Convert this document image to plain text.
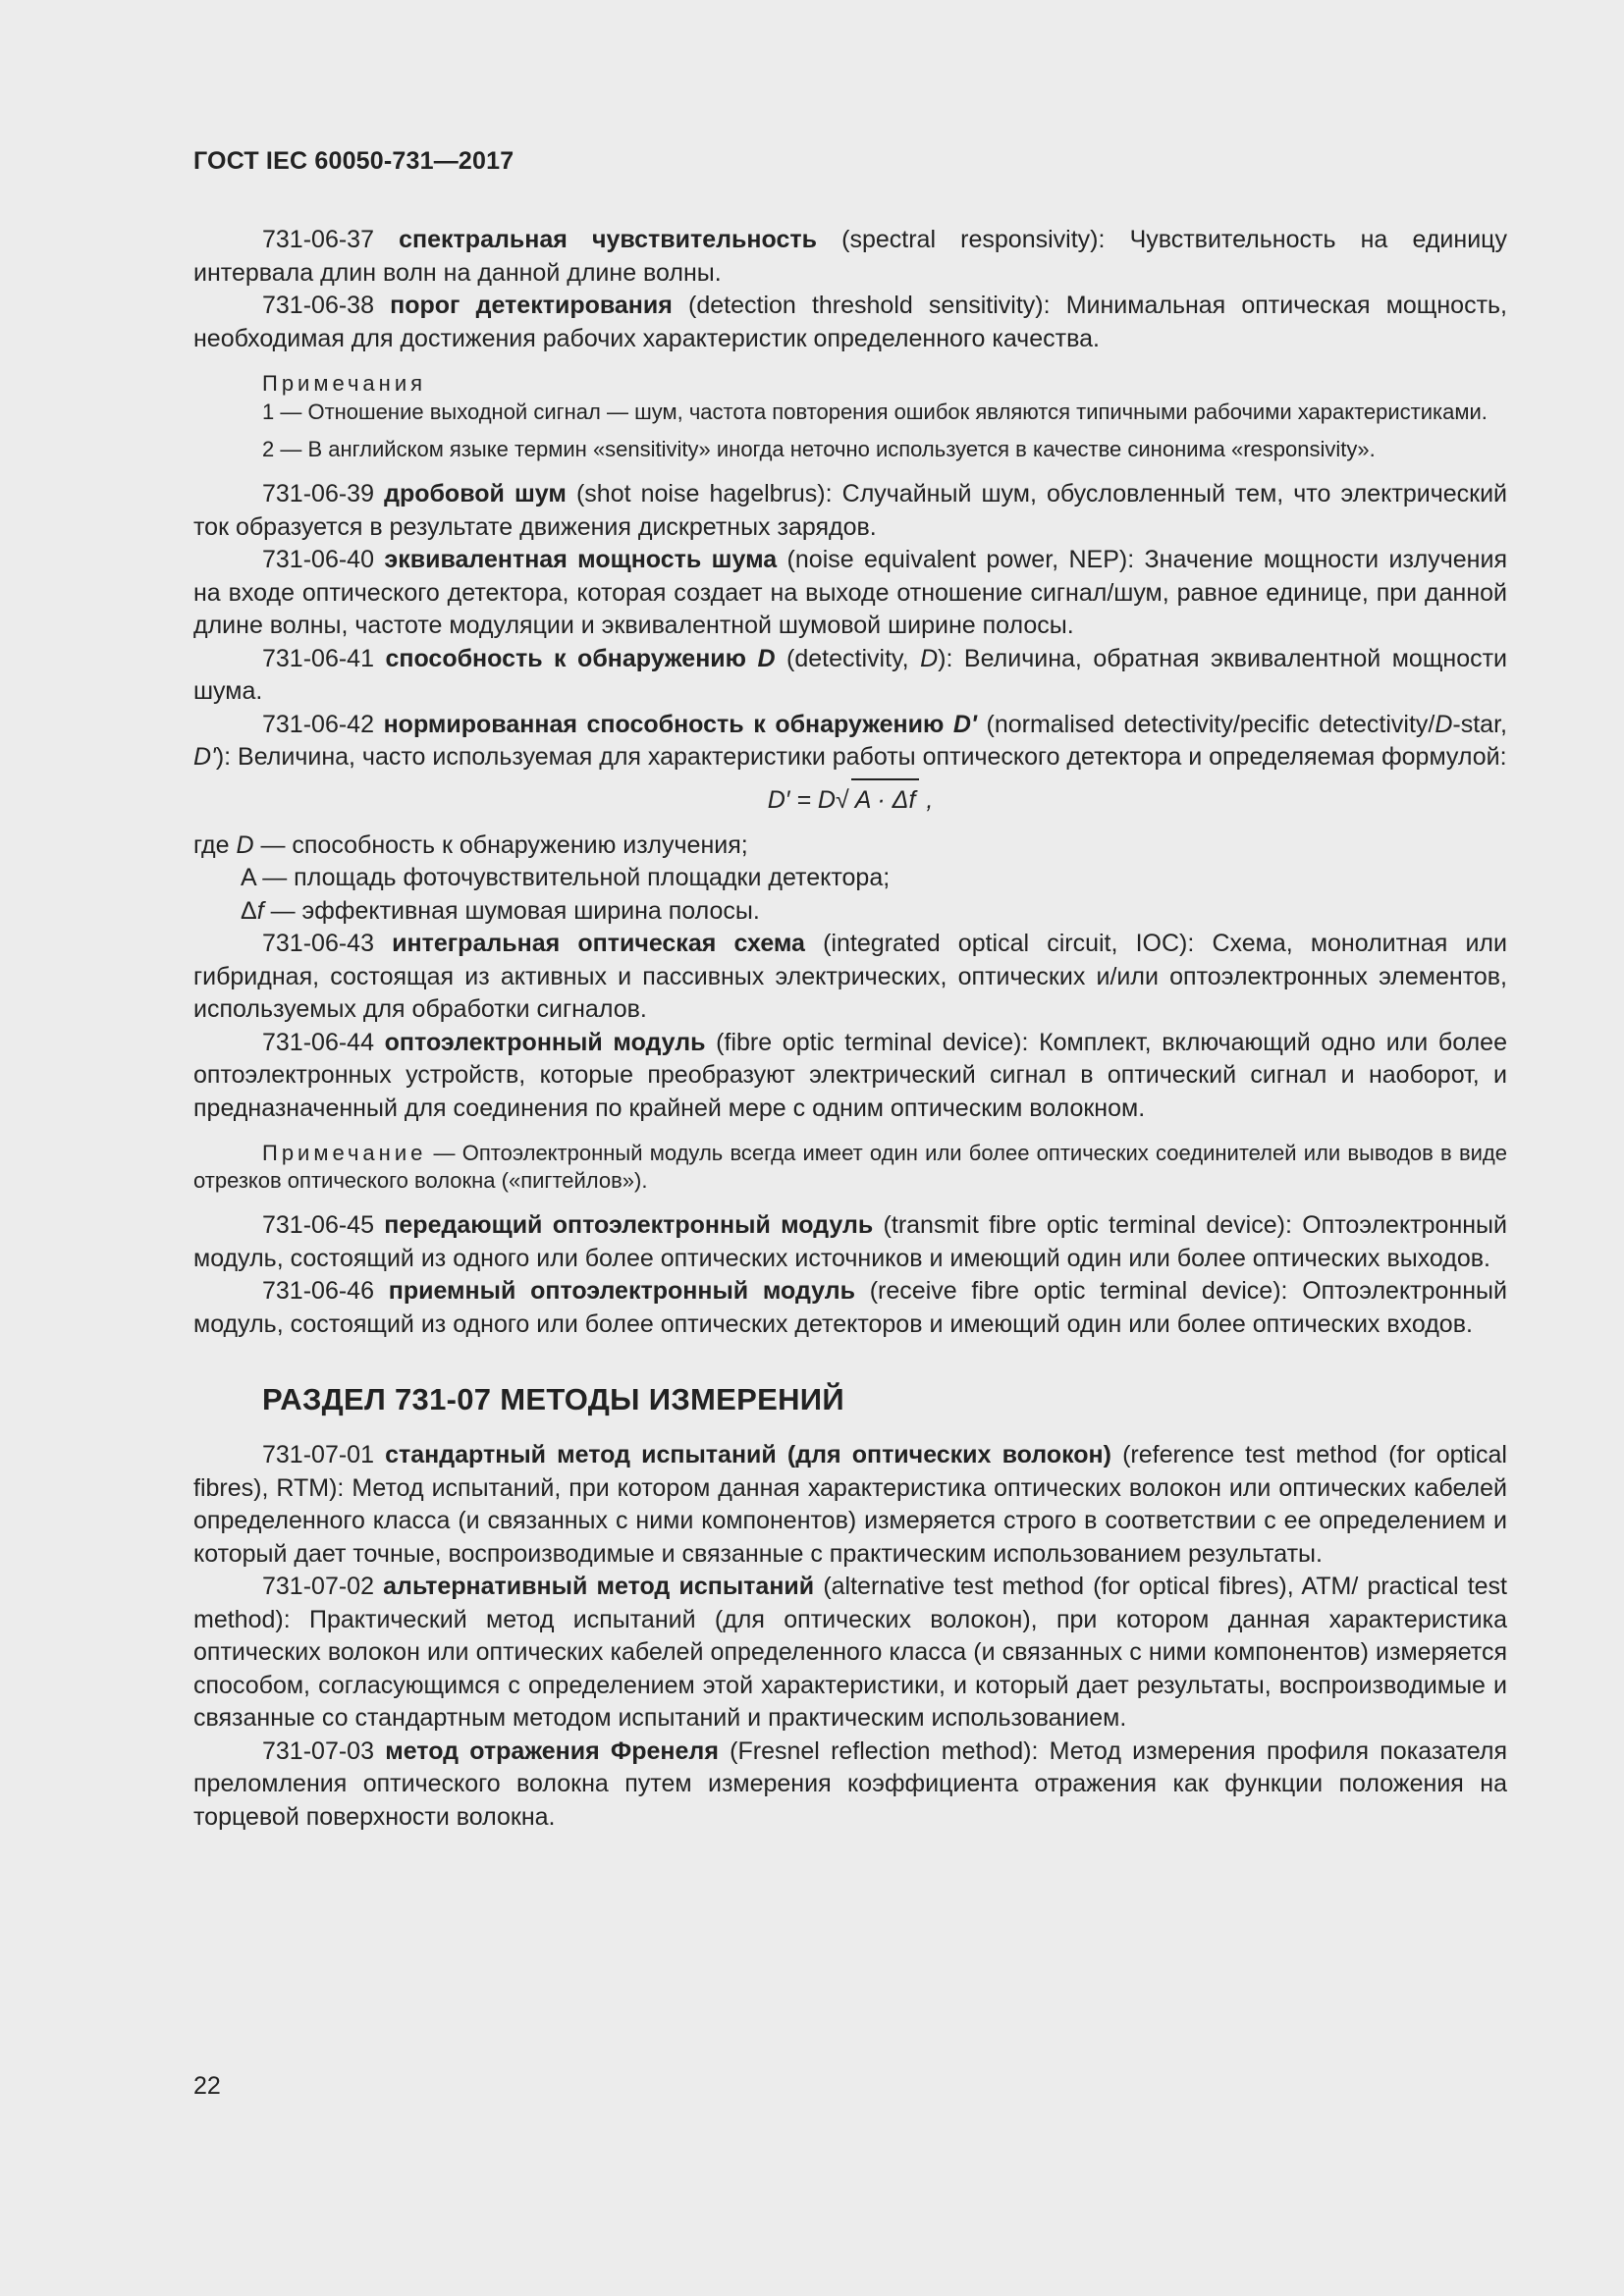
ГОСТ IEC 60050-731—2017

731-06-37 спектральная чувствительность (spectral responsivity): Чувствительность на единицу интервала длин волн на данной длине волны.

731-06-38 порог детектирования (detection threshold sensitivity): Минимальная оптическая мощность, необходимая для достижения рабочих характеристик определенного качества.

Примечания

1 — Отношение выходной сигнал — шум, частота повторения ошибок являются типичными рабочими характеристиками.

2 — В английском языке термин «sensitivity» иногда неточно используется в качестве синонима «responsivity».

731-06-39 дробовой шум (shot noise hagelbrus): Случайный шум, обусловленный тем, что электрический ток образуется в результате движения дискретных зарядов.

731-06-40 эквивалентная мощность шума (noise equivalent power, NEP): Значение мощности излучения на входе оптического детектора, которая создает на выходе отношение сигнал/шум, равное единице, при данной длине волны, частоте модуляции и эквивалентной шумовой ширине полосы.

731-06-41 способность к обнаружению D (detectivity, D): Величина, обратная эквивалентной мощности шума.

731-06-42 нормированная способность к обнаружению D' (normalised detectivity/pecific detectivity/D-star, D'): Величина, часто используемая для характеристики работы оптического детектора и определяемая формулой:

D′ = D√ A · Δf ,

где D — способность к обнаружению излучения;

A — площадь фоточувствительной площадки детектора;

Δf — эффективная шумовая ширина полосы.

731-06-43 интегральная оптическая схема (integrated optical circuit, IOC): Схема, монолитная или гибридная, состоящая из активных и пассивных электрических, оптических и/или оптоэлектронных элементов, используемых для обработки сигналов.

731-06-44 оптоэлектронный модуль (fibre optic terminal device): Комплект, включающий одно или более оптоэлектронных устройств, которые преобразуют электрический сигнал в оптический сигнал и наоборот, и предназначенный для соединения по крайней мере с одним оптическим волокном.

Примечание — Оптоэлектронный модуль всегда имеет один или более оптических соединителей или выводов в виде отрезков оптического волокна («пигтейлов»).

731-06-45 передающий оптоэлектронный модуль (transmit fibre optic terminal device): Оптоэлектронный модуль, состоящий из одного или более оптических источников и имеющий один или более оптических выходов.

731-06-46 приемный оптоэлектронный модуль (receive fibre optic terminal device): Оптоэлектронный модуль, состоящий из одного или более оптических детекторов и имеющий один или более оптических входов.

РАЗДЕЛ 731-07 МЕТОДЫ ИЗМЕРЕНИЙ

731-07-01 стандартный метод испытаний (для оптических волокон) (reference test method (for optical fibres), RTM): Метод испытаний, при котором данная характеристика оптических волокон или оптических кабелей определенного класса (и связанных с ними компонентов) измеряется строго в соответствии с ее определением и который дает точные, воспроизводимые и связанные с практическим использованием результаты.

731-07-02 альтернативный метод испытаний (alternative test method (for optical fibres), ATM/ practical test method): Практический метод испытаний (для оптических волокон), при котором данная характеристика оптических волокон или оптических кабелей определенного класса (и связанных с ними компонентов) измеряется способом, согласующимся с определением этой характеристики, и который дает результаты, воспроизводимые и связанные со стандартным методом испытаний и практическим использованием.

731-07-03 метод отражения Френеля (Fresnel reflection method): Метод измерения профиля показателя преломления оптического волокна путем измерения коэффициента отражения как функции положения на торцевой поверхности волокна.

22
